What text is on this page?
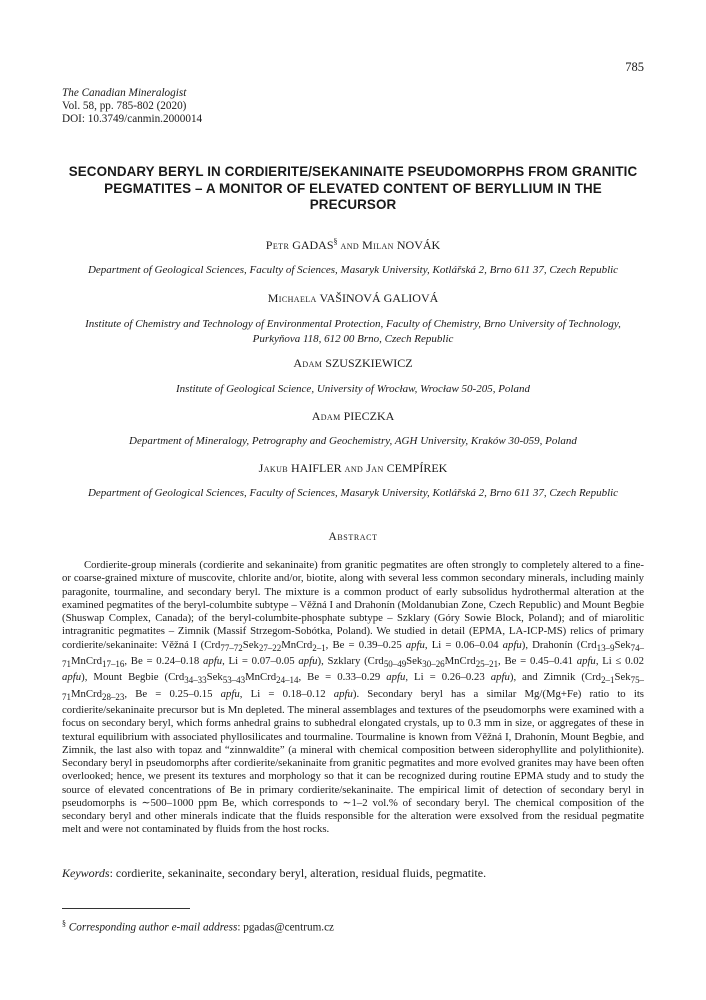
785
The Canadian Mineralogist
Vol. 58, pp. 785-802 (2020)
DOI: 10.3749/canmin.2000014
SECONDARY BERYL IN CORDIERITE/SEKANINAITE PSEUDOMORPHS FROM GRANITIC PEGMATITES – A MONITOR OF ELEVATED CONTENT OF BERYLLIUM IN THE PRECURSOR
Petr GADAS§ and Milan NOVÁK
Department of Geological Sciences, Faculty of Sciences, Masaryk University, Kotlářská 2, Brno 611 37, Czech Republic
Michaela VAŠINOVÁ GALIOVÁ
Institute of Chemistry and Technology of Environmental Protection, Faculty of Chemistry, Brno University of Technology,
Purkyňova 118, 612 00 Brno, Czech Republic
Adam SZUSZKIEWICZ
Institute of Geological Science, University of Wrocław, Wrocław 50-205, Poland
Adam PIECZKA
Department of Mineralogy, Petrography and Geochemistry, AGH University, Kraków 30-059, Poland
Jakub HAIFLER and Jan CEMPÍREK
Department of Geological Sciences, Faculty of Sciences, Masaryk University, Kotlářská 2, Brno 611 37, Czech Republic
Abstract
Cordierite-group minerals (cordierite and sekaninaite) from granitic pegmatites are often strongly to completely altered to a fine- or coarse-grained mixture of muscovite, chlorite and/or, biotite, along with several less common secondary minerals, including mainly paragonite, tourmaline, and secondary beryl. The mixture is a common product of early subsolidus hydrothermal alteration at the examined pegmatites of the beryl-columbite subtype – Věžná I and Drahonín (Moldanubian Zone, Czech Republic) and Mount Begbie (Shuswap Complex, Canada); of the beryl-columbite-phosphate subtype – Szklary (Góry Sowie Block, Poland); and of miarolitic intragranitic pegmatites – Zimnik (Massif Strzegom-Sobótka, Poland). We studied in detail (EPMA, LA-ICP-MS) relics of primary cordierite/sekaninaite: Věžná I (Crd$_{77-72}$Sek$_{27-22}$MnCrd$_{2-1}$, Be = 0.39–0.25 apfu, Li = 0.06–0.04 apfu), Drahonín (Crd$_{13-9}$Sek$_{74-71}$MnCrd$_{17-16}$, Be = 0.24–0.18 apfu, Li = 0.07–0.05 apfu), Szklary (Crd$_{50-49}$Sek$_{30-26}$MnCrd$_{25-21}$, Be = 0.45–0.41 apfu, Li ≤ 0.02 apfu), Mount Begbie (Crd$_{34-33}$Sek$_{53-43}$MnCrd$_{24-14}$, Be = 0.33–0.29 apfu, Li = 0.26–0.23 apfu), and Zimnik (Crd$_{2-1}$Sek$_{75-71}$MnCrd$_{28-23}$, Be = 0.25–0.15 apfu, Li = 0.18–0.12 apfu). Secondary beryl has a similar Mg/(Mg+Fe) ratio to its cordierite/sekaninaite precursor but is Mn depleted. The mineral assemblages and textures of the pseudomorphs were examined with a focus on secondary beryl, which forms anhedral grains to subhedral elongated crystals, up to 0.3 mm in size, or aggregates of these in textural equilibrium with associated phyllosilicates and tourmaline. Tourmaline is known from Věžná I, Drahonín, Mount Begbie, and Zimnik, the last also with topaz and “zinnwaldite” (a mineral with chemical composition between siderophyllite and polylithionite). Secondary beryl in pseudomorphs after cordierite/sekaninaite from granitic pegmatites and more evolved granites may have been often overlooked; hence, we present its textures and morphology so that it can be recognized during routine EPMA study and to study the source of elevated concentrations of Be in primary cordierite/sekaninaite. The empirical limit of detection of secondary beryl in pseudomorphs is ∼500–1000 ppm Be, which corresponds to ∼1–2 vol.% of secondary beryl. The chemical composition of the secondary beryl and other minerals indicate that the fluids responsible for the alteration were exsolved from the residual pegmatite melt and were not contaminated by fluids from the host rocks.
Keywords: cordierite, sekaninaite, secondary beryl, alteration, residual fluids, pegmatite.
§ Corresponding author e-mail address: pgadas@centrum.cz
